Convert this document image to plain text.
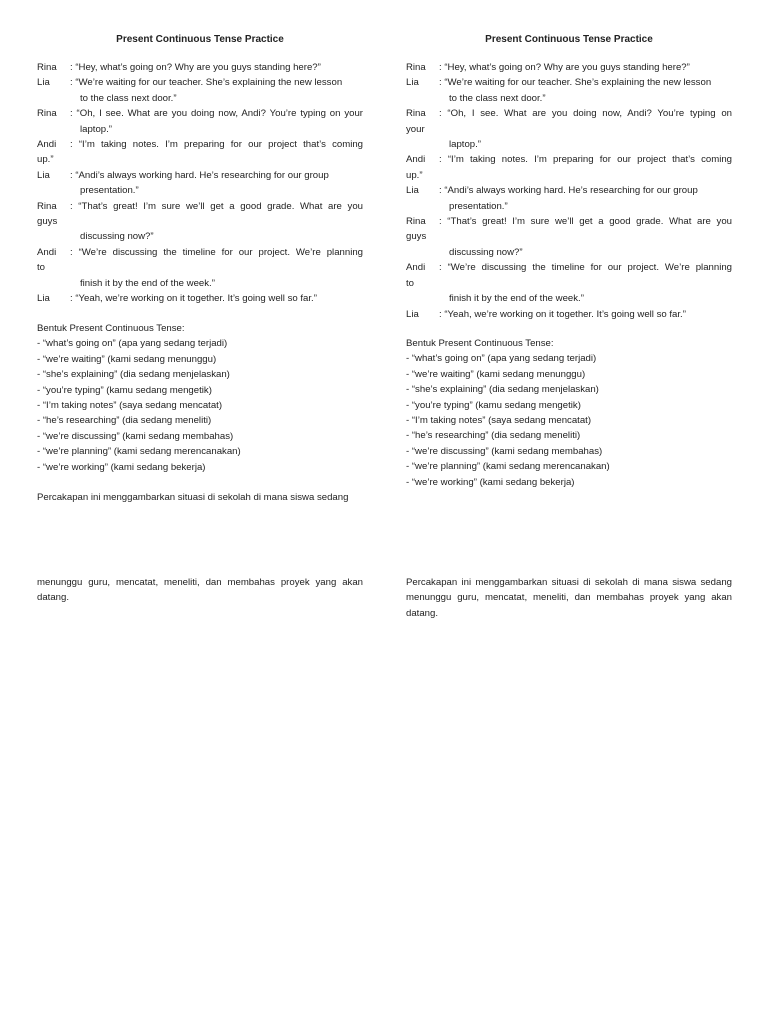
Present Continuous Tense Practice
Rina	: “Hey, what’s going on? Why are you guys standing here?”
Lia	: “We’re waiting for our teacher. She’s explaining the new lesson
to the class next door.”
Rina	: “Oh, I see. What are you doing now, Andi? You’re typing on your
laptop.”
Andi	: “I’m taking notes. I’m preparing for our project that’s coming
up.”
Lia	: “Andi’s always working hard. He’s researching for our group
presentation.”
Rina	: “That’s great! I’m sure we’ll get a good grade. What are you
guys
discussing now?”
Andi	: “We’re discussing the timeline for our project. We’re planning
to
finish it by the end of the week.”
Lia	: “Yeah, we’re working on it together. It’s going well so far.”
Bentuk Present Continuous Tense:
- “what’s going on” (apa yang sedang terjadi)
- “we’re waiting” (kami sedang menunggu)
- “she’s explaining” (dia sedang menjelaskan)
- “you’re typing” (kamu sedang mengetik)
- “I’m taking notes” (saya sedang mencatat)
- “he’s researching” (dia sedang meneliti)
- “we’re discussing” (kami sedang membahas)
- “we’re planning” (kami sedang merencanakan)
- “we’re working” (kami sedang bekerja)
Percakapan ini menggambarkan situasi di sekolah di mana siswa sedang
menunggu guru, mencatat, meneliti, dan membahas proyek yang akan datang.
Present Continuous Tense Practice
Rina	: “Hey, what’s going on? Why are you guys standing here?”
Lia	: “We’re waiting for our teacher. She’s explaining the new lesson
to the class next door.”
Rina	: “Oh, I see. What are you doing now, Andi? You’re typing on
your
laptop.”
Andi	: “I’m taking notes. I’m preparing for our project that’s coming
up.”
Lia	: “Andi’s always working hard. He’s researching for our group
presentation.”
Rina	: “That’s great! I’m sure we’ll get a good grade. What are you
guys
discussing now?”
Andi	: “We’re discussing the timeline for our project. We’re planning
to
finish it by the end of the week.”
Lia	: “Yeah, we’re working on it together. It’s going well so far.”
Bentuk Present Continuous Tense:
- “what’s going on” (apa yang sedang terjadi)
- “we’re waiting” (kami sedang menunggu)
- “she’s explaining” (dia sedang menjelaskan)
- “you’re typing” (kamu sedang mengetik)
- “I’m taking notes” (saya sedang mencatat)
- “he’s researching” (dia sedang meneliti)
- “we’re discussing” (kami sedang membahas)
- “we’re planning” (kami sedang merencanakan)
- “we’re working” (kami sedang bekerja)
Percakapan ini menggambarkan situasi di sekolah di mana siswa sedang menunggu guru, mencatat, meneliti, dan membahas proyek yang akan datang.
